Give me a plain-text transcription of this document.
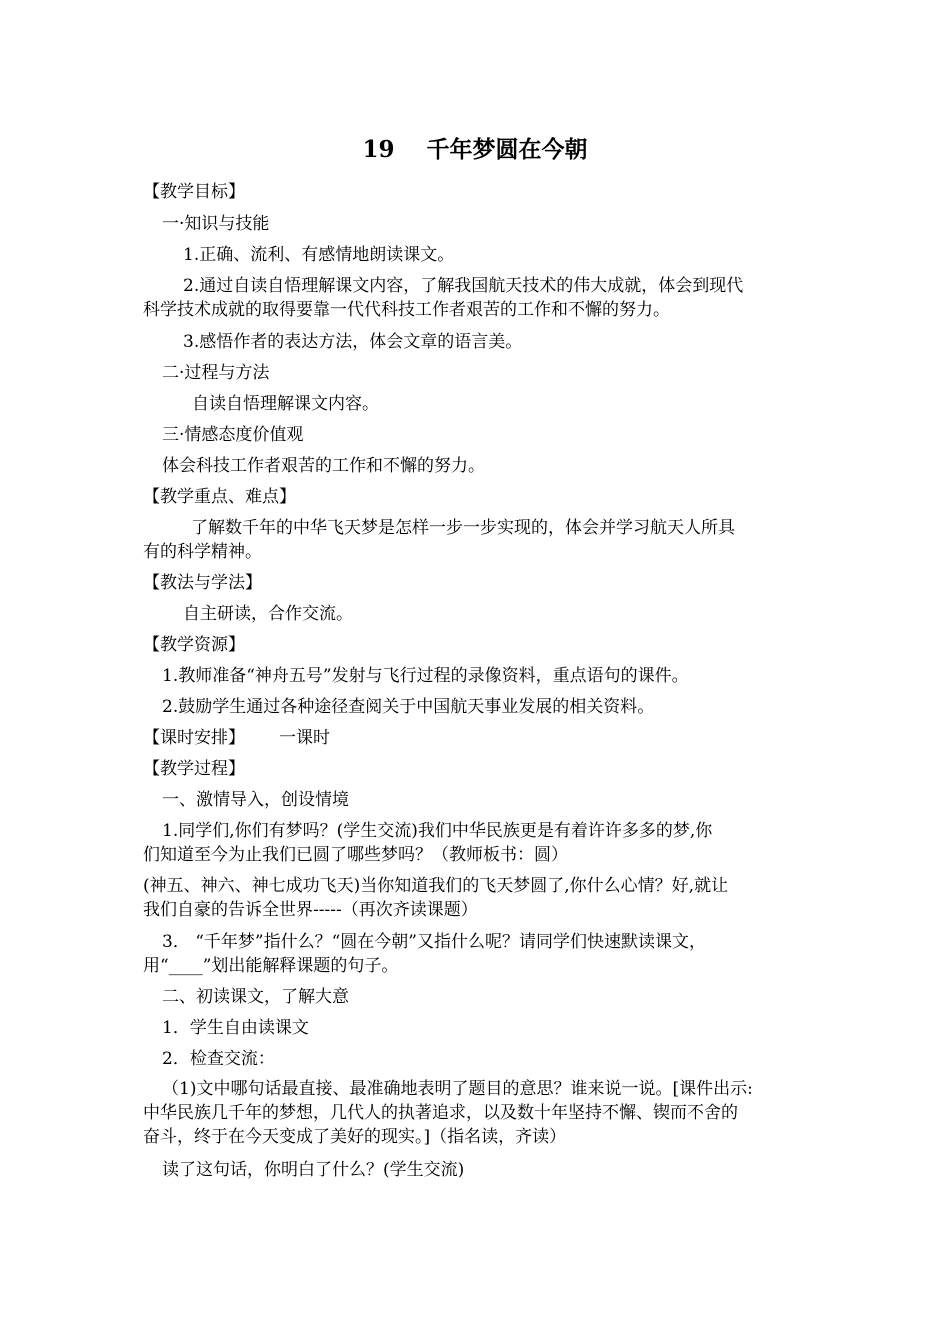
19    千年梦圆在今朝
【教学目标】
一·知识与技能
1.正确、流利、有感情地朗读课文。
2.通过自读自悟理解课文内容，了解我国航天技术的伟大成就，体会到现代
科学技术成就的取得要靠一代代科技工作者艰苦的工作和不懈的努力。
3.感悟作者的表达方法，体会文章的语言美。
二·过程与方法
自读自悟理解课文内容。
三·情感态度价值观
体会科技工作者艰苦的工作和不懈的努力。
【教学重点、难点】
了解数千年的中华飞天梦是怎样一步一步实现的，体会并学习航天人所具
有的科学精神。
【教法与学法】
自主研读，合作交流。
【教学资源】
1.教师准备“神舟五号”发射与飞行过程的录像资料，重点语句的课件。
2.鼓励学生通过各种途径查阅关于中国航天事业发展的相关资料。
【课时安排】 一课时
【教学过程】
一、激情导入，创设情境
1.同学们,你们有梦吗？(学生交流)我们中华民族更是有着许许多多的梦,你
们知道至今为止我们已圆了哪些梦吗？（教师板书：圆）
(神五、神六、神七成功飞天)当你知道我们的飞天梦圆了,你什么心情？好,就让
我们自豪的告诉全世界-----（再次齐读课题）
3． “千年梦”指什么？“圆在今朝”又指什么呢？请同学们快速默读课文，
用“____”划出能解释课题的句子。
二、初读课文，了解大意
1．学生自由读课文
2．检查交流：
（1)文中哪句话最直接、最准确地表明了题目的意思？谁来说一说。[课件出示:
中华民族几千年的梦想，几代人的执著追求，以及数十年坚持不懈、锲而不舍的
奋斗，终于在今天变成了美好的现实。]（指名读，齐读）
读了这句话，你明白了什么？(学生交流)
